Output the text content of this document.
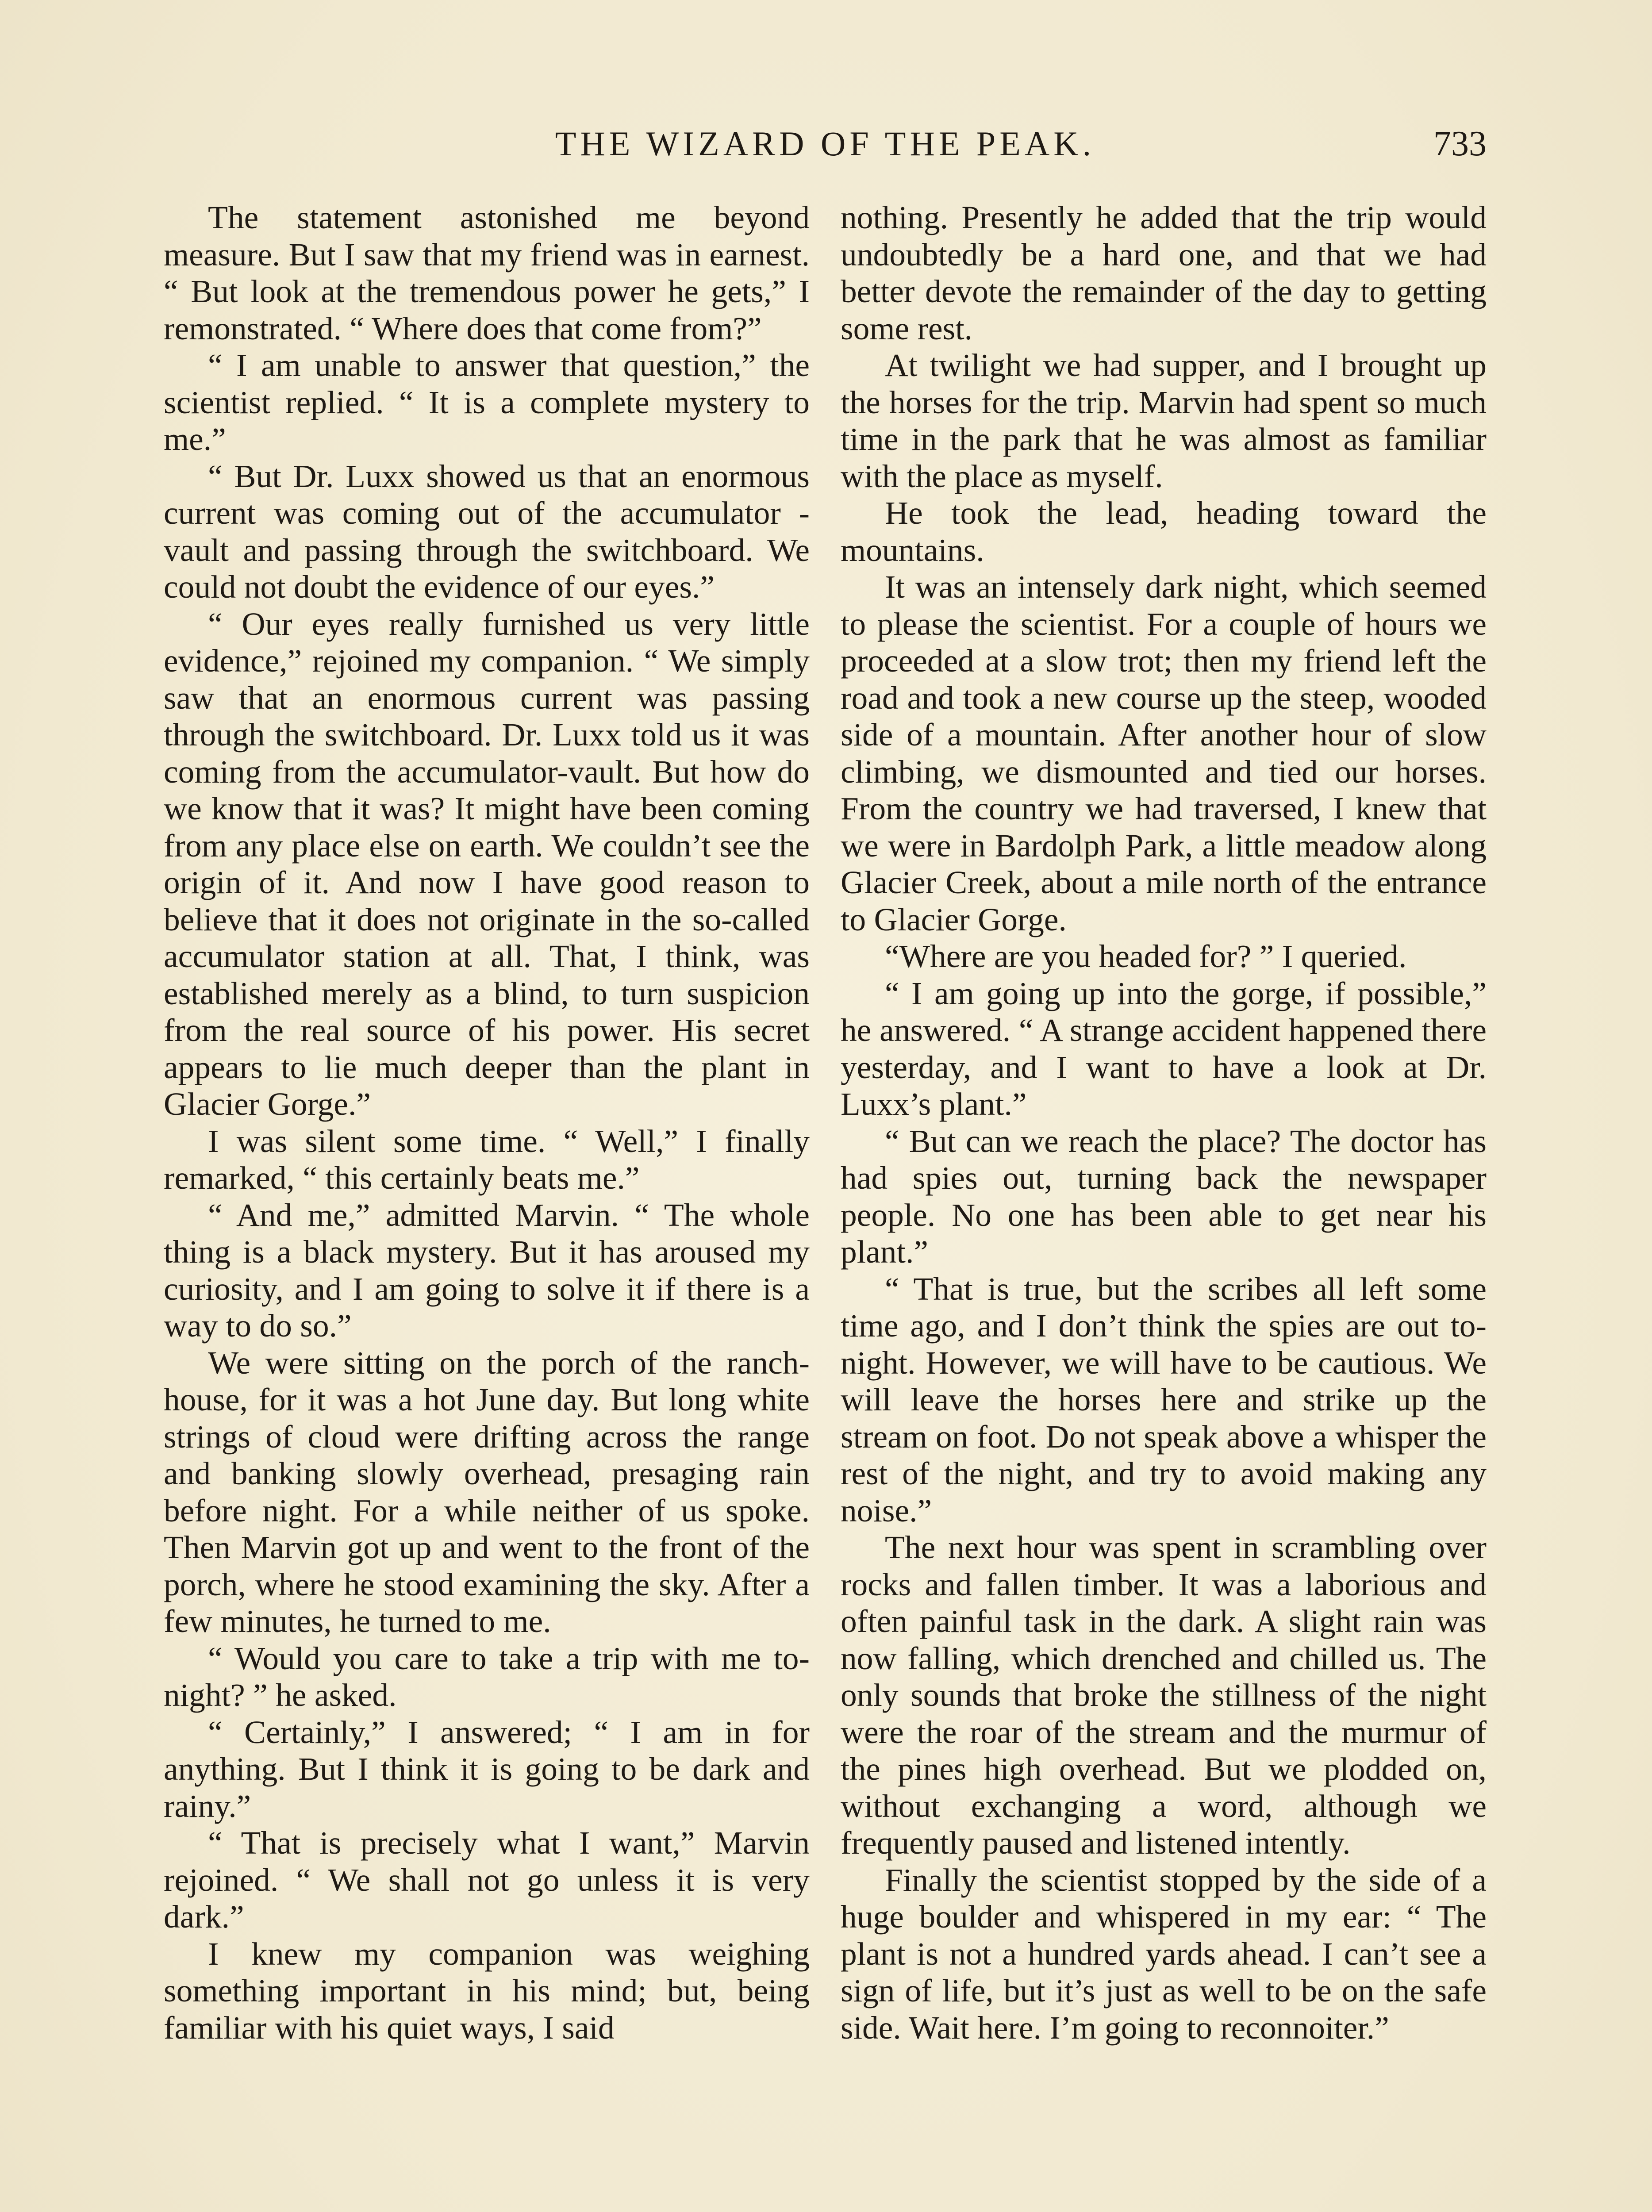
THE WIZARD OF THE PEAK.	733

The statement astonished me beyond measure. But I saw that my friend was in earnest. “ But look at the tremendous power he gets,” I remonstrated. “ Where does that come from?”

“ I am unable to answer that question,” the scientist replied. “ It is a complete mystery to me.”

“ But Dr. Luxx showed us that an enormous current was coming out of the accumulator - vault and passing through the switchboard. We could not doubt the evidence of our eyes.”

“ Our eyes really furnished us very little evidence,” rejoined my companion. “ We simply saw that an enormous current was passing through the switchboard. Dr. Luxx told us it was coming from the accumulator-vault. But how do we know that it was? It might have been coming from any place else on earth. We couldn’t see the origin of it. And now I have good reason to believe that it does not originate in the so-called accumulator station at all. That, I think, was established merely as a blind, to turn suspicion from the real source of his power. His secret appears to lie much deeper than the plant in Glacier Gorge.”

I was silent some time. “ Well,” I finally remarked, “ this certainly beats me.”

“ And me,” admitted Marvin. “ The whole thing is a black mystery. But it has aroused my curiosity, and I am going to solve it if there is a way to do so.”

We were sitting on the porch of the ranch-house, for it was a hot June day. But long white strings of cloud were drifting across the range and banking slowly overhead, presaging rain before night. For a while neither of us spoke. Then Marvin got up and went to the front of the porch, where he stood examining the sky. After a few minutes, he turned to me.

“ Would you care to take a trip with me to-night? ” he asked.

“ Certainly,” I answered; “ I am in for anything. But I think it is going to be dark and rainy.”

“ That is precisely what I want,” Marvin rejoined. “ We shall not go unless it is very dark.”

I knew my companion was weighing something important in his mind; but, being familiar with his quiet ways, I said

nothing. Presently he added that the trip would undoubtedly be a hard one, and that we had better devote the remainder of the day to getting some rest.

At twilight we had supper, and I brought up the horses for the trip. Marvin had spent so much time in the park that he was almost as familiar with the place as myself.

He took the lead, heading toward the mountains.

It was an intensely dark night, which seemed to please the scientist. For a couple of hours we proceeded at a slow trot; then my friend left the road and took a new course up the steep, wooded side of a mountain. After another hour of slow climbing, we dismounted and tied our horses. From the country we had traversed, I knew that we were in Bardolph Park, a little meadow along Glacier Creek, about a mile north of the entrance to Glacier Gorge.

“Where are you headed for? ” I queried.

“ I am going up into the gorge, if possible,” he answered. “ A strange accident happened there yesterday, and I want to have a look at Dr. Luxx’s plant.”

“ But can we reach the place? The doctor has had spies out, turning back the newspaper people. No one has been able to get near his plant.”

“ That is true, but the scribes all left some time ago, and I don’t think the spies are out to-night. However, we will have to be cautious. We will leave the horses here and strike up the stream on foot. Do not speak above a whisper the rest of the night, and try to avoid making any noise.”

The next hour was spent in scrambling over rocks and fallen timber. It was a laborious and often painful task in the dark. A slight rain was now falling, which drenched and chilled us. The only sounds that broke the stillness of the night were the roar of the stream and the murmur of the pines high overhead. But we plodded on, without exchanging a word, although we frequently paused and listened intently.

Finally the scientist stopped by the side of a huge boulder and whispered in my ear: “ The plant is not a hundred yards ahead. I can’t see a sign of life, but it’s just as well to be on the safe side. Wait here. I’m going to reconnoiter.”
